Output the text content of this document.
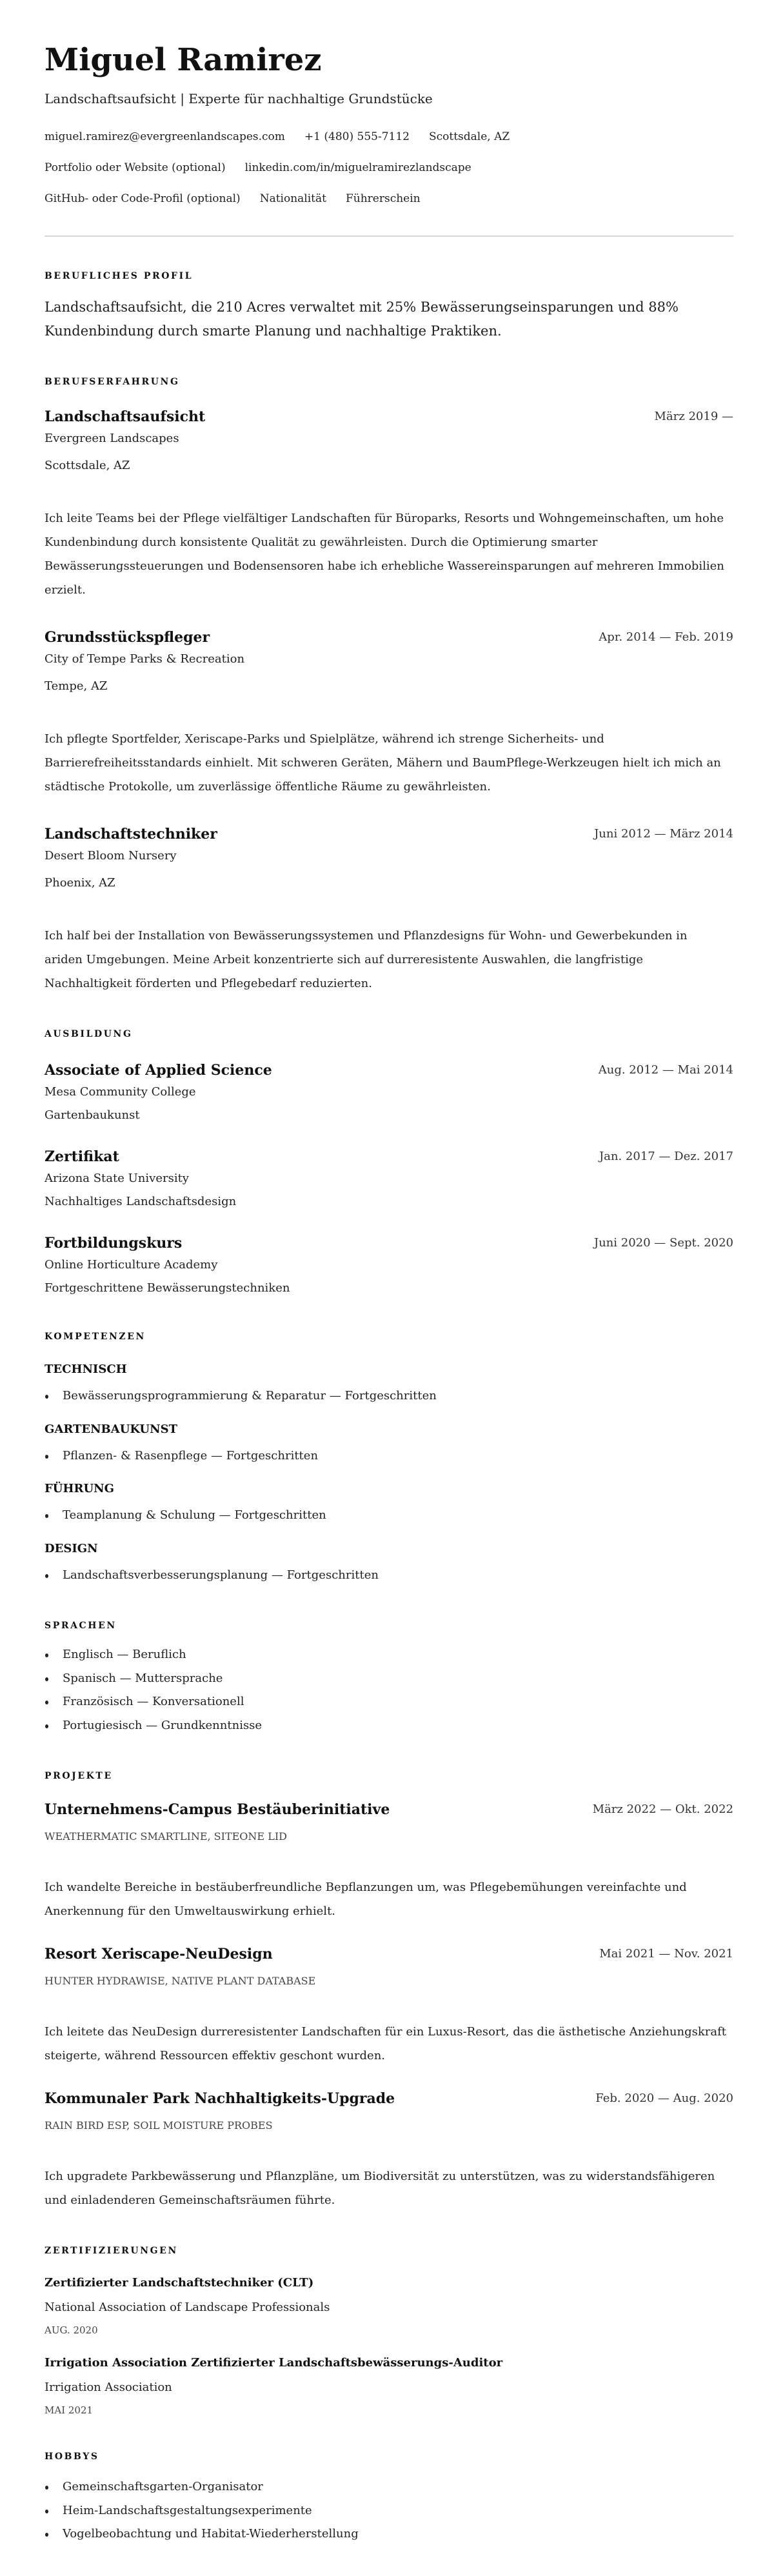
Miguel Ramirez
Landschaftsaufsicht | Experte für nachhaltige Grundstücke
miguel.ramirez@evergreenlandscapes.com +1 (480) 555-7112 Scottsdale, AZ
Portfolio oder Website (optional) linkedin.com/in/miguelramirezlandscape
GitHub- oder Code-Profil (optional) Nationalität Führerschein
BERUFLICHES PROFIL

Landschaftsaufsicht, die 210 Acres verwaltet mit 25% Bewässerungseinsparungen und 88% Kundenbindung durch smarte Planung und nachhaltige Praktiken.

BERUFSERFAHRUNG
Landschaftsaufsicht	März 2019 —
Evergreen Landscapes
Scottsdale, AZ

Ich leite Teams bei der Pflege vielfältiger Landschaften für Büroparks, Resorts und Wohngemeinschaften, um hohe Kundenbindung durch konsistente Qualität zu gewährleisten. Durch die Optimierung smarter Bewässerungssteuerungen und Bodensensoren habe ich erhebliche Wassereinsparungen auf mehreren Immobilien erzielt.

Grundsstückspfleger	Apr. 2014 — Feb. 2019
City of Tempe Parks & Recreation
Tempe, AZ

Ich pflegte Sportfelder, Xeriscape-Parks und Spielplätze, während ich strenge Sicherheits- und Barrierefreiheitsstandards einhielt. Mit schweren Geräten, Mähern und BaumPflege-Werkzeugen hielt ich mich an städtische Protokolle, um zuverlässige öffentliche Räume zu gewährleisten.

Landschaftstechniker	Juni 2012 — März 2014
Desert Bloom Nursery
Phoenix, AZ

Ich half bei der Installation von Bewässerungssystemen und Pflanzdesigns für Wohn- und Gewerbekunden in ariden Umgebungen. Meine Arbeit konzentrierte sich auf durreresistente Auswahlen, die langfristige Nachhaltigkeit förderten und Pflegebedarf reduzierten.

AUSBILDUNG
Associate of Applied Science	Aug. 2012 — Mai 2014
Mesa Community College
Gartenbaukunst
Zertifikat	Jan. 2017 — Dez. 2017
Arizona State University
Nachhaltiges Landschaftsdesign
Fortbildungskurs	Juni 2020 — Sept. 2020
Online Horticulture Academy
Fortgeschrittene Bewässerungstechniken
KOMPETENZEN
TECHNISCH
Bewässerungsprogrammierung & Reparatur — Fortgeschritten
GARTENBAUKUNST
Pflanzen- & Rasenpflege — Fortgeschritten
FÜHRUNG
Teamplanung & Schulung — Fortgeschritten
DESIGN
Landschaftsverbesserungsplanung — Fortgeschritten
SPRACHEN
Englisch — Beruflich
Spanisch — Muttersprache
Französisch — Konversationell
Portugiesisch — Grundkenntnisse
PROJEKTE
Unternehmens-Campus Bestäuberinitiative	März 2022 — Okt. 2022
WEATHERMATIC SMARTLINE, SITEONE LID

Ich wandelte Bereiche in bestäuberfreundliche Bepflanzungen um, was Pflegebemühungen vereinfachte und Anerkennung für den Umweltauswirkung erhielt.

Resort Xeriscape-NeuDesign	Mai 2021 — Nov. 2021
HUNTER HYDRAWISE, NATIVE PLANT DATABASE

Ich leitete das NeuDesign durreresistenter Landschaften für ein Luxus-Resort, das die ästhetische Anziehungskraft steigerte, während Ressourcen effektiv geschont wurden.

Kommunaler Park Nachhaltigkeits-Upgrade	Feb. 2020 — Aug. 2020
RAIN BIRD ESP, SOIL MOISTURE PROBES

Ich upgradete Parkbewässerung und Pflanzpläne, um Biodiversität zu unterstützen, was zu widerstandsfähigeren und einladenderen Gemeinschaftsräumen führte.

ZERTIFIZIERUNGEN
Zertifizierter Landschaftstechniker (CLT)
National Association of Landscape Professionals
AUG. 2020
Irrigation Association Zertifizierter Landschaftsbewässerungs-Auditor
Irrigation Association
MAI 2021
HOBBYS
Gemeinschaftsgarten-Organisator
Heim-Landschaftsgestaltungsexperimente
Vogelbeobachtung und Habitat-Wiederherstellung
